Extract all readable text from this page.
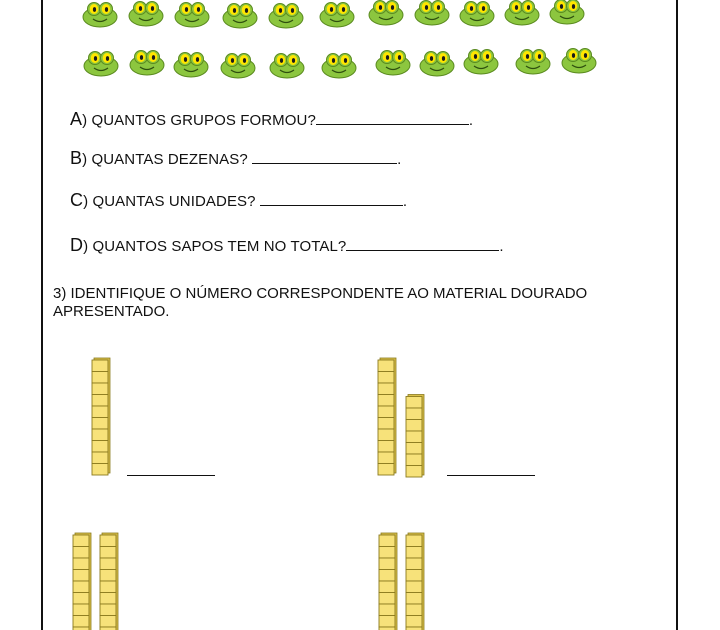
A) QUANTOS GRUPOS FORMOU?	.
B) QUANTAS DEZENAS?	.
C) QUANTAS UNIDADES?	.
D) QUANTOS SAPOS TEM NO TOTAL?	.
3) IDENTIFIQUE O NÚMERO CORRESPONDENTE AO MATERIAL DOURADO APRESENTADO.
